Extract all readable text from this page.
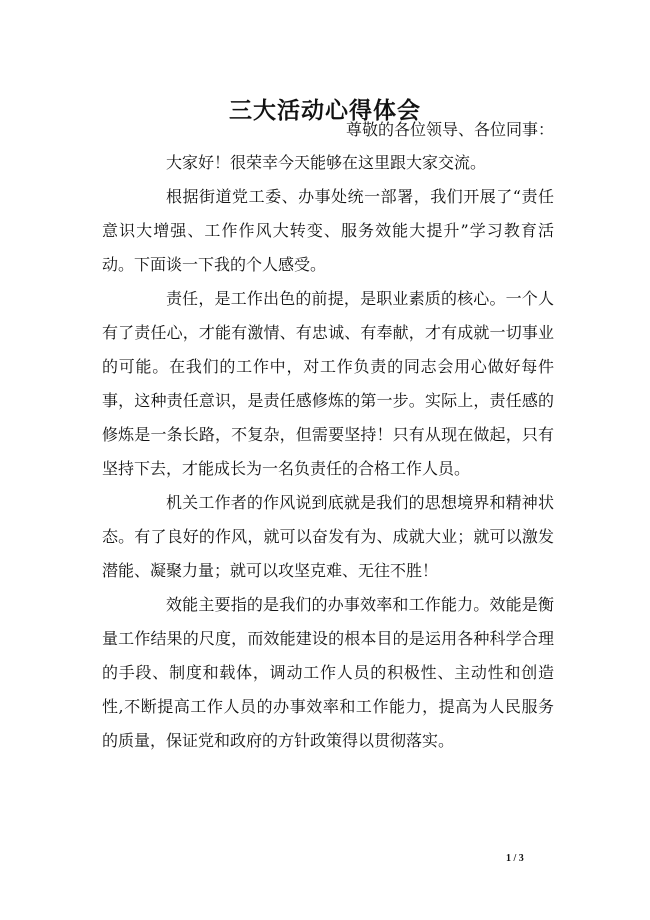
三大活动心得体会

尊敬的各位领导、各位同事：

大家好！很荣幸今天能够在这里跟大家交流。

根据街道党工委、办事处统一部署，我们开展了“责任意识大增强、工作作风大转变、服务效能大提升”学习教育活动。下面谈一下我的个人感受。

责任，是工作出色的前提，是职业素质的核心。一个人有了责任心，才能有激情、有忠诚、有奉献，才有成就一切事业的可能。在我们的工作中，对工作负责的同志会用心做好每件事，这种责任意识，是责任感修炼的第一步。实际上，责任感的修炼是一条长路，不复杂，但需要坚持！只有从现在做起，只有坚持下去，才能成长为一名负责任的合格工作人员。

机关工作者的作风说到底就是我们的思想境界和精神状态。有了良好的作风，就可以奋发有为、成就大业；就可以激发潜能、凝聚力量；就可以攻坚克难、无往不胜！

效能主要指的是我们的办事效率和工作能力。效能是衡量工作结果的尺度，而效能建设的根本目的是运用各种科学合理的手段、制度和载体，调动工作人员的积极性、主动性和创造性,不断提高工作人员的办事效率和工作能力，提高为人民服务的质量，保证党和政府的方针政策得以贯彻落实。

1 / 3
